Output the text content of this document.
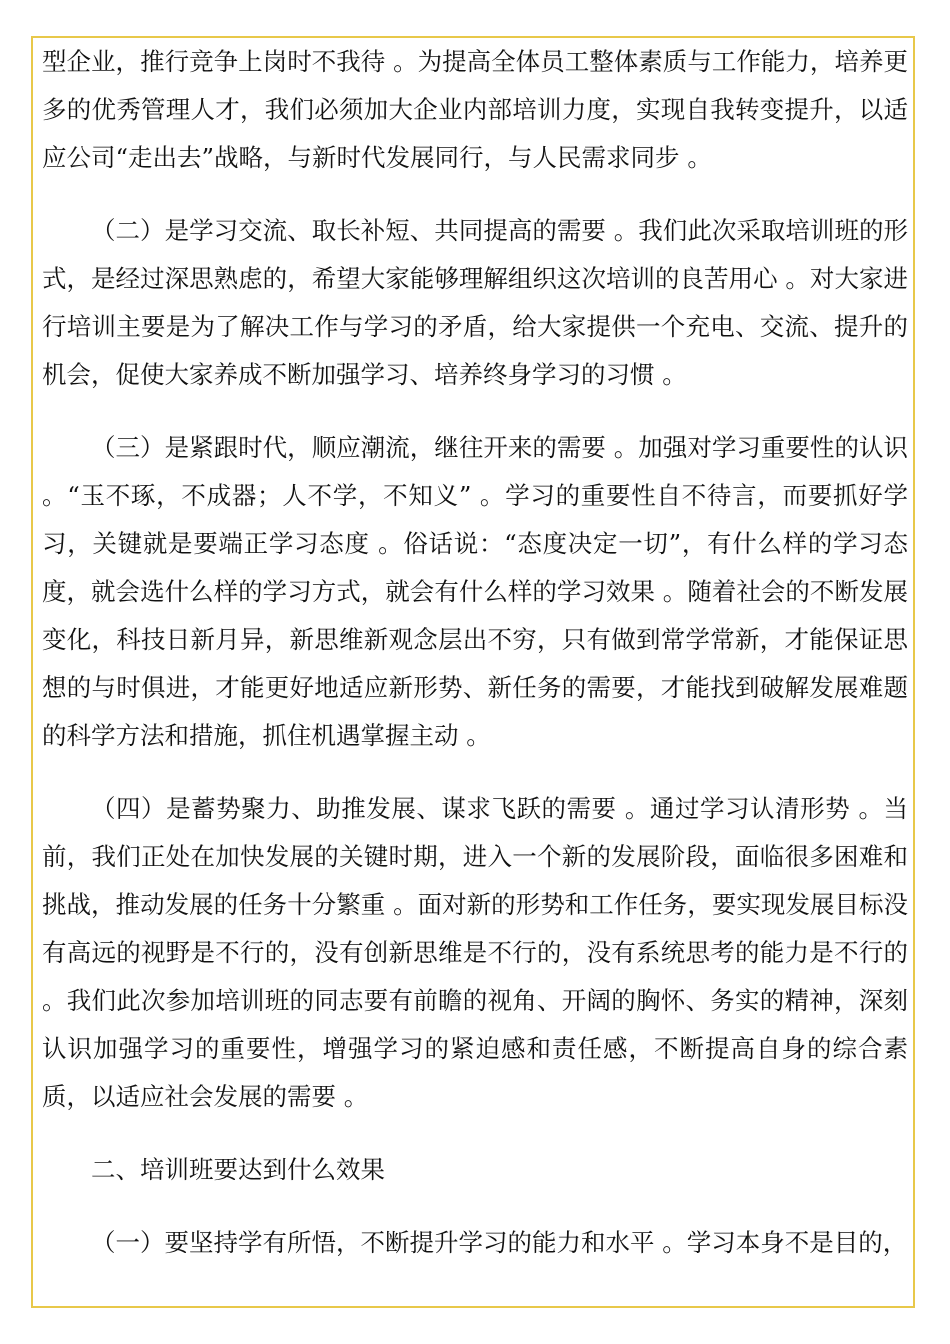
型企业，推行竞争上岗时不我待 。为提高全体员工整体素质与工作能力，培养更多的优秀管理人才，我们必须加大企业内部培训力度，实现自我转变提升，以适应公司“走出去”战略，与新时代发展同行，与人民需求同步 。

（二）是学习交流、取长补短、共同提高的需要 。我们此次采取培训班的形式，是经过深思熟虑的，希望大家能够理解组织这次培训的良苦用心 。对大家进行培训主要是为了解决工作与学习的矛盾，给大家提供一个充电、交流、提升的机会，促使大家养成不断加强学习、培养终身学习的习惯 。

（三）是紧跟时代，顺应潮流，继往开来的需要 。加强对学习重要性的认识 。“玉不琢，不成器；人不学，不知义” 。学习的重要性自不待言，而要抓好学习，关键就是要端正学习态度 。俗话说：“态度决定一切”，有什么样的学习态度，就会选什么样的学习方式，就会有什么样的学习效果 。随着社会的不断发展变化，科技日新月异，新思维新观念层出不穷，只有做到常学常新，才能保证思想的与时俱进，才能更好地适应新形势、新任务的需要，才能找到破解发展难题的科学方法和措施，抓住机遇掌握主动 。

（四）是蓄势聚力、助推发展、谋求飞跃的需要 。通过学习认清形势 。当前，我们正处在加快发展的关键时期，进入一个新的发展阶段，面临很多困难和挑战，推动发展的任务十分繁重 。面对新的形势和工作任务，要实现发展目标没有高远的视野是不行的，没有创新思维是不行的，没有系统思考的能力是不行的 。我们此次参加培训班的同志要有前瞻的视角、开阔的胸怀、务实的精神，深刻认识加强学习的重要性，增强学习的紧迫感和责任感，不断提高自身的综合素质，以适应社会发展的需要 。

二、培训班要达到什么效果

（一）要坚持学有所悟，不断提升学习的能力和水平 。学习本身不是目的，
